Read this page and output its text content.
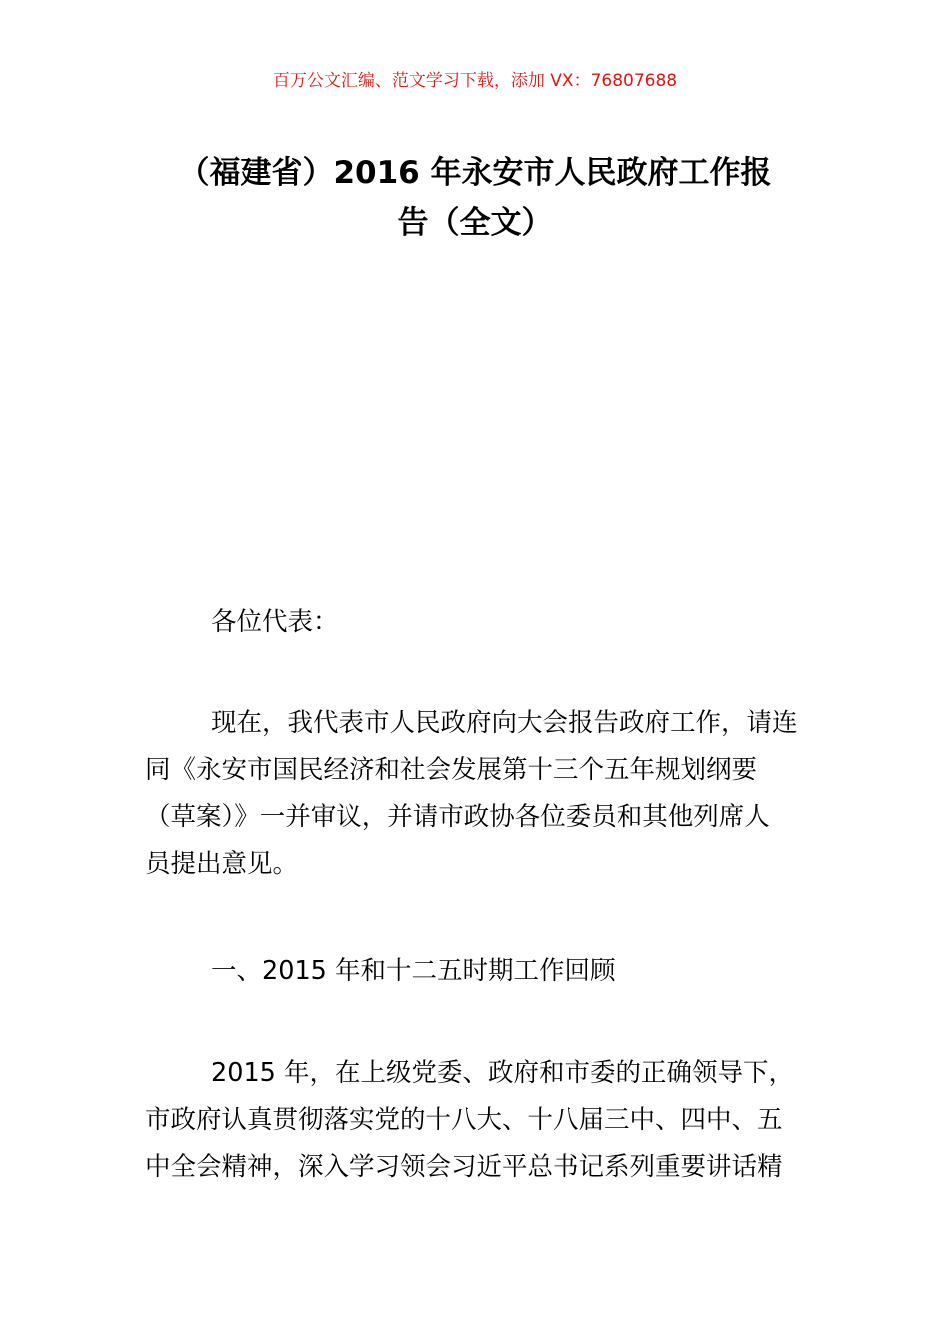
百万公文汇编、范文学习下载，添加 VX：76807688
（福建省）2016 年永安市人民政府工作报
告（全文）
各位代表：
现在，我代表市人民政府向大会报告政府工作，请连
同《永安市国民经济和社会发展第十三个五年规划纲要
（草案）》一并审议，并请市政协各位委员和其他列席人
员提出意见。
一、2015 年和十二五时期工作回顾
2015 年，在上级党委、政府和市委的正确领导下，
市政府认真贯彻落实党的十八大、十八届三中、四中、五
中全会精神，深入学习领会习近平总书记系列重要讲话精
